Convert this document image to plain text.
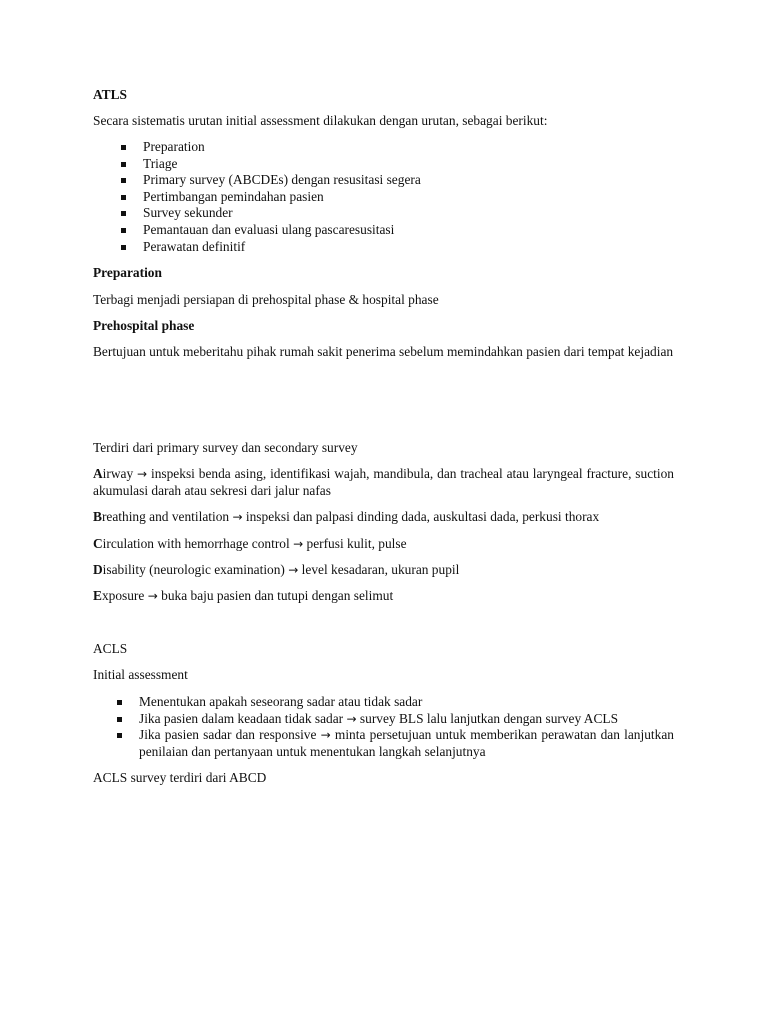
ATLS

Secara sistematis urutan initial assessment dilakukan dengan urutan, sebagai berikut:

Preparation
Triage
Primary survey (ABCDEs) dengan resusitasi segera
Pertimbangan pemindahan pasien
Survey sekunder
Pemantauan dan evaluasi ulang pascaresusitasi
Perawatan definitif

Preparation

Terbagi menjadi persiapan di prehospital phase & hospital phase

Prehospital phase

Bertujuan untuk meberitahu pihak rumah sakit penerima sebelum memindahkan pasien dari tempat kejadian

Terdiri dari primary survey dan secondary survey

Airway → inspeksi benda asing, identifikasi wajah, mandibula, dan tracheal atau laryngeal fracture, suction akumulasi darah atau sekresi dari jalur nafas

Breathing and ventilation → inspeksi dan palpasi dinding dada, auskultasi dada, perkusi thorax

Circulation with hemorrhage control → perfusi kulit, pulse

Disability (neurologic examination) → level kesadaran, ukuran pupil

Exposure → buka baju pasien dan tutupi dengan selimut

ACLS

Initial assessment

Menentukan apakah seseorang sadar atau tidak sadar
Jika pasien dalam keadaan tidak sadar → survey BLS lalu lanjutkan dengan survey ACLS
Jika pasien sadar dan responsive → minta persetujuan untuk memberikan perawatan dan lanjutkan penilaian dan pertanyaan untuk menentukan langkah selanjutnya

ACLS survey terdiri dari ABCD
